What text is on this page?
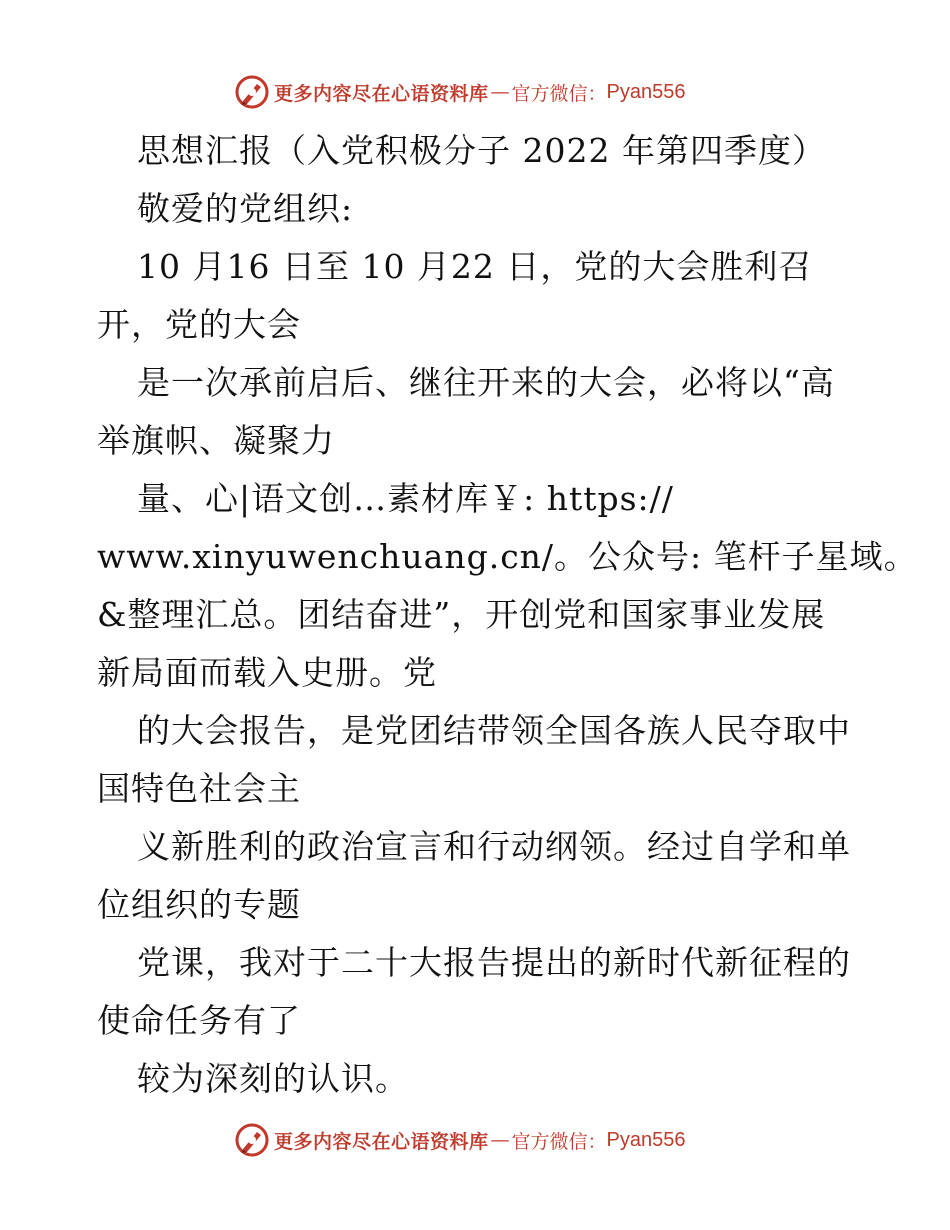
更多内容尽在心语资料库 — 官方微信： Pyan556
思想汇报（入党积极分子 2022 年第四季度）
敬爱的党组织:
10 月16 日至 10 月22 日，党的大会胜利召
开，党的大会
是一次承前启后、继往开来的大会，必将以“高
举旗帜、凝聚力
量、心|语文创…素材库￥: https://
www.xinyuwenchuang.cn/。公众号: 笔杆子星域。
&整理汇总。团结奋进”，开创党和国家事业发展
新局面而载入史册。党
的大会报告，是党团结带领全国各族人民夺取中
国特色社会主
义新胜利的政治宣言和行动纲领。经过自学和单
位组织的专题
党课，我对于二十大报告提出的新时代新征程的
使命任务有了
较为深刻的认识。
更多内容尽在心语资料库 — 官方微信： Pyan556
